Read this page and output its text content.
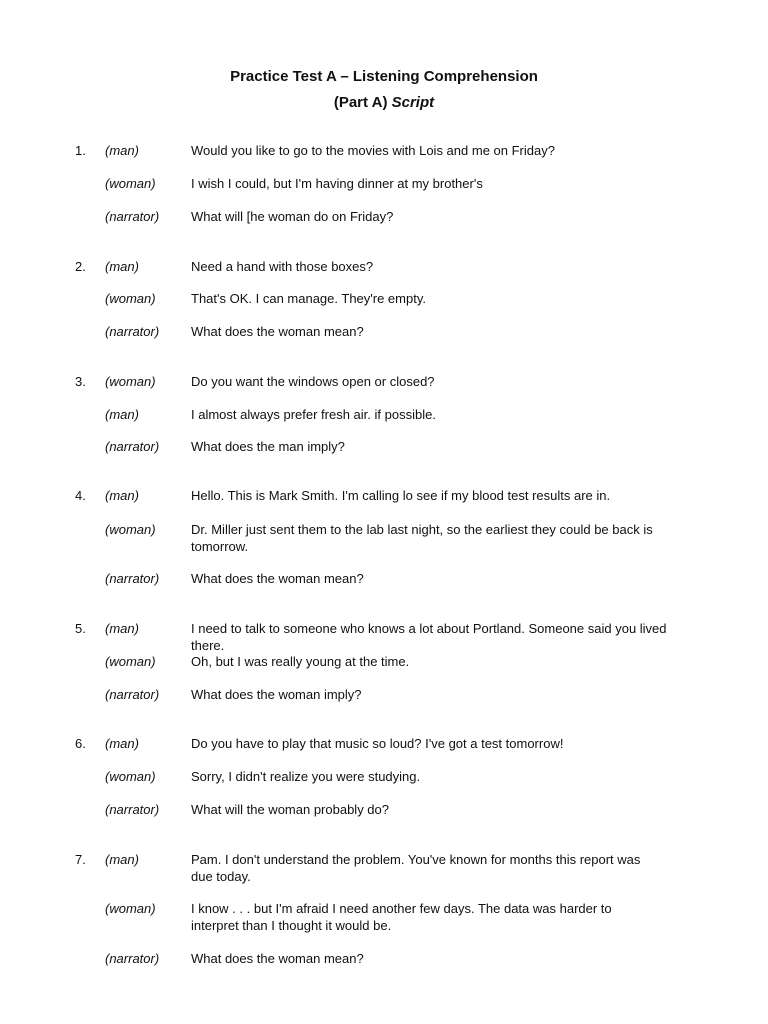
Practice Test A – Listening Comprehension
(Part A) Script
1. (man)	Would you like to go to the movies with Lois and me on Friday?
(woman)	I wish I could, but I'm having dinner at my brother's
(narrator) What will [he woman do on Friday?
2. (man)	Need a hand with those boxes?
(woman)	That's OK. I can manage. They're empty.
(narrator) What does the woman mean?
3. (woman)	Do you want the windows open or closed?
(man)	I almost always prefer fresh air. if possible.
(narrator) What does the man imply?
4. (man)	Hello. This is Mark Smith. I'm calling lo see if my blood test results are in.
(woman)	Dr. Miller just sent them to the lab last night, so the earliest they could be back is tomorrow.
(narrator) What does the woman mean?
5. (man)	I need to talk to someone who knows a lot about Portland. Someone said you lived there.
(woman)	Oh, but I was really young at the time.
(narrator) What does the woman imply?
6. (man)	Do you have to play that music so loud? I've got a test tomorrow!
(woman)	Sorry, I didn't realize you were studying.
(narrator) What will the woman probably do?
7. (man)	Pam. I don't understand the problem. You've known for months this report was due today.
(woman)	I know . . . but I'm afraid I need another few days. The data was harder to interpret than I thought it would be.
(narrator) What does the woman mean?
